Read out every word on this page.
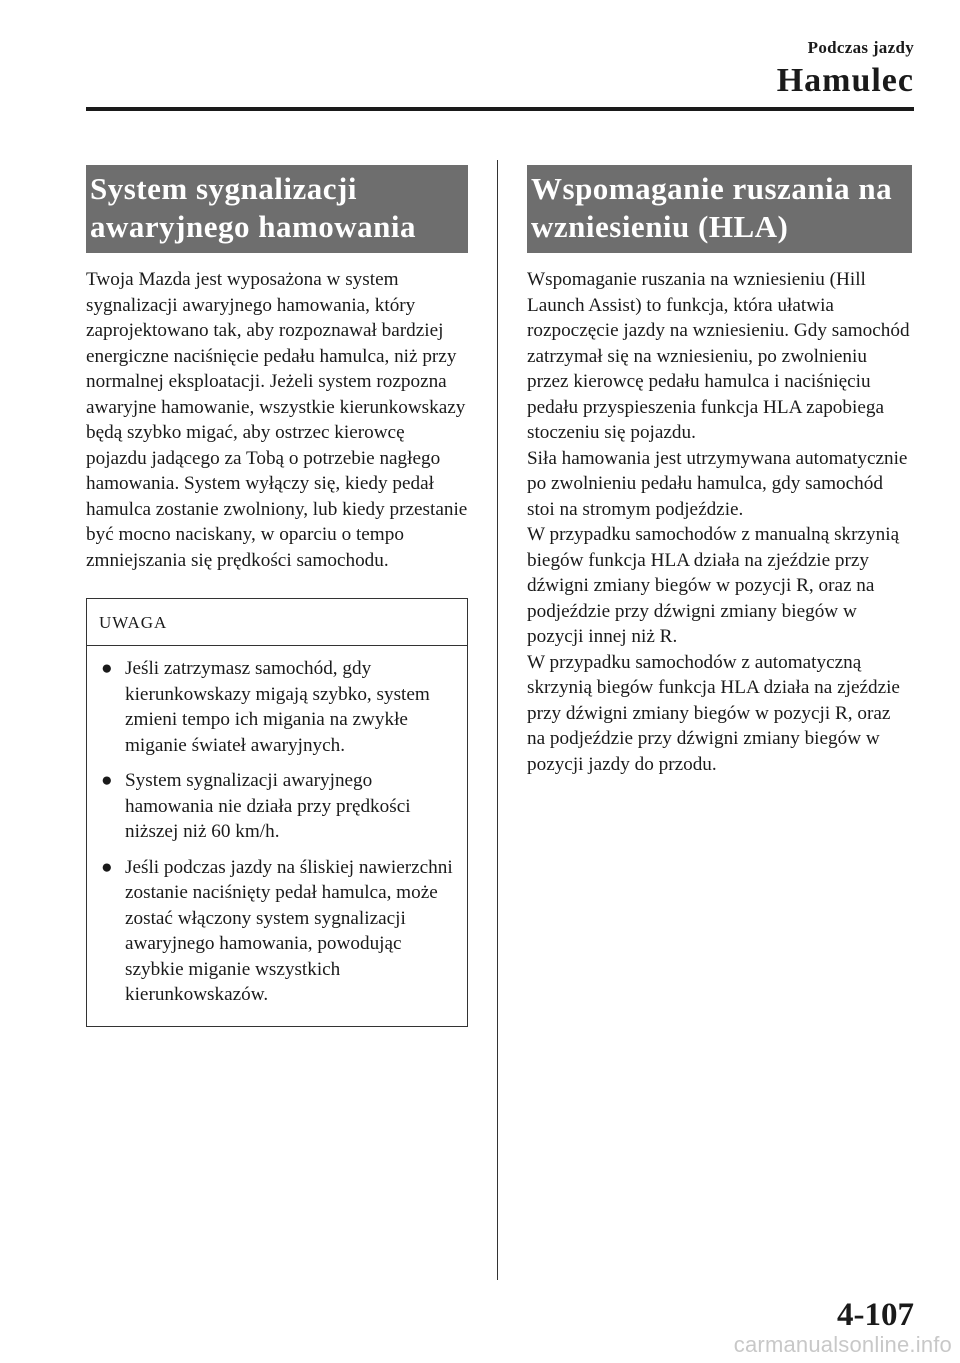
Podczas jazdy
Hamulec
System sygnalizacji
awaryjnego hamowania

Twoja Mazda jest wyposażona w system sygnalizacji awaryjnego hamowania, który zaprojektowano tak, aby rozpoznawał bardziej energiczne naciśnięcie pedału hamulca, niż przy normalnej eksploatacji. Jeżeli system rozpozna awaryjne hamowanie, wszystkie kierunkowskazy będą szybko migać, aby ostrzec kierowcę pojazdu jadącego za Tobą o potrzebie nagłego hamowania. System wyłączy się, kiedy pedał hamulca zostanie zwolniony, lub kiedy przestanie być mocno naciskany, w oparciu o tempo zmniejszania się prędkości samochodu.

UWAGA
● Jeśli zatrzymasz samochód, gdy kierunkowskazy migają szybko, system zmieni tempo ich migania na zwykłe miganie świateł awaryjnych.
● System sygnalizacji awaryjnego hamowania nie działa przy prędkości niższej niż 60 km/h.
● Jeśli podczas jazdy na śliskiej nawierzchni zostanie naciśnięty pedał hamulca, może zostać włączony system sygnalizacji awaryjnego hamowania, powodując szybkie miganie wszystkich kierunkowskazów.
Wspomaganie ruszania na
wzniesieniu (HLA)

Wspomaganie ruszania na wzniesieniu (Hill Launch Assist) to funkcja, która ułatwia rozpoczęcie jazdy na wzniesieniu. Gdy samochód zatrzymał się na wzniesieniu, po zwolnieniu przez kierowcę pedału hamulca i naciśnięciu pedału przyspieszenia funkcja HLA zapobiega stoczeniu się pojazdu.

Siła hamowania jest utrzymywana automatycznie po zwolnieniu pedału hamulca, gdy samochód stoi na stromym podjeździe.

W przypadku samochodów z manualną skrzynią biegów funkcja HLA działa na zjeździe przy dźwigni zmiany biegów w pozycji R, oraz na podjeździe przy dźwigni zmiany biegów w pozycji innej niż R.

W przypadku samochodów z automatyczną skrzynią biegów funkcja HLA działa na zjeździe przy dźwigni zmiany biegów w pozycji R, oraz na podjeździe przy dźwigni zmiany biegów w pozycji jazdy do przodu.

4-107
carmanualsonline.info
